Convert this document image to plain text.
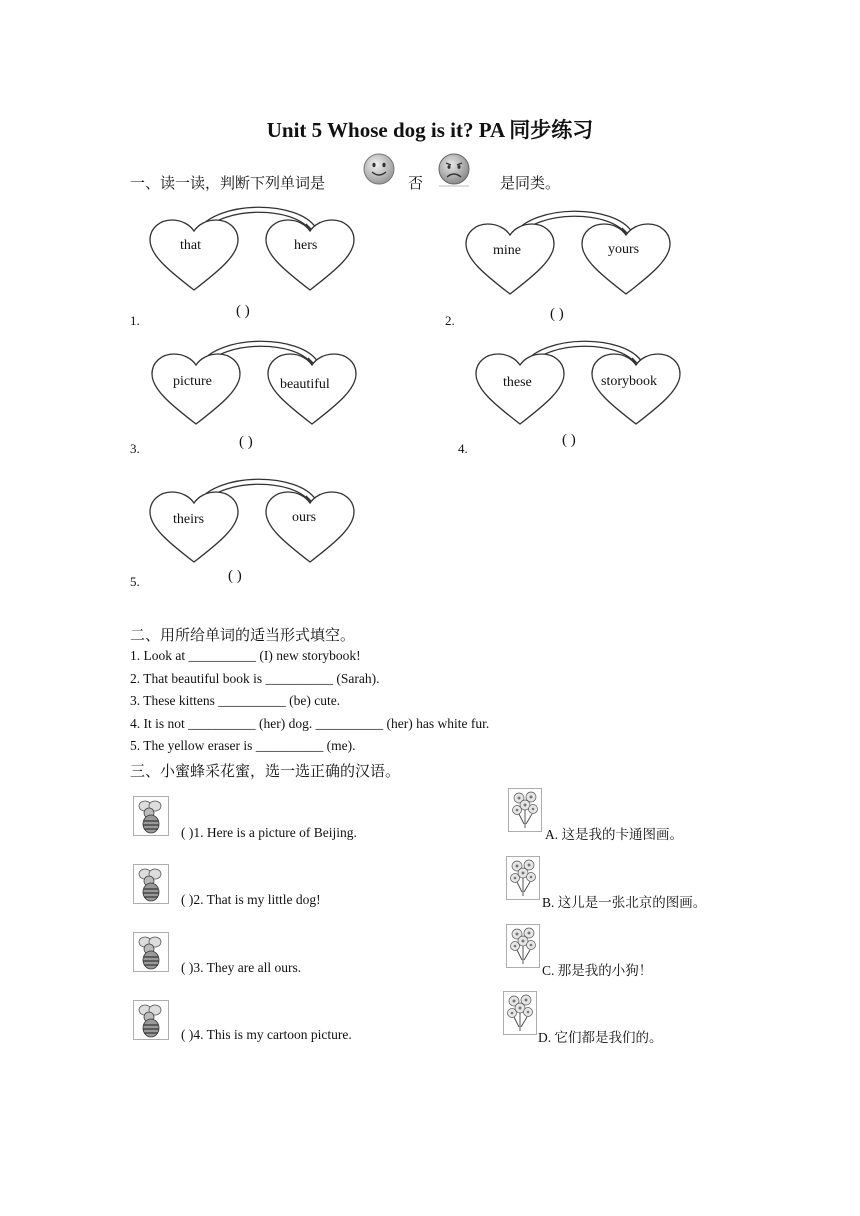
Unit 5 Whose dog is it? PA 同步练习
一、读一读，判断下列单词是	否	是同类。
that	hers
1.
( )
mine	yours
2.	( )
picture	beautiful
3.	( )
these	storybook
4.
( )
theirs	ours
5.	( )
二、用所给单词的适当形式填空。
1. Look at __________ (I) new storybook!
2. That beautiful book is __________ (Sarah).
3. These kittens __________ (be) cute.
4. It is not __________ (her) dog. __________ (her) has white fur.
5. The yellow eraser is __________ (me).
三、小蜜蜂采花蜜，选一选正确的汉语。
( )1. Here is a picture of Beijing.	A. 这是我的卡通图画。
( )2. That is my little dog!	B. 这儿是一张北京的图画。
( )3. They are all ours.	C. 那是我的小狗！
( )4. This is my cartoon picture.	D. 它们都是我们的。
